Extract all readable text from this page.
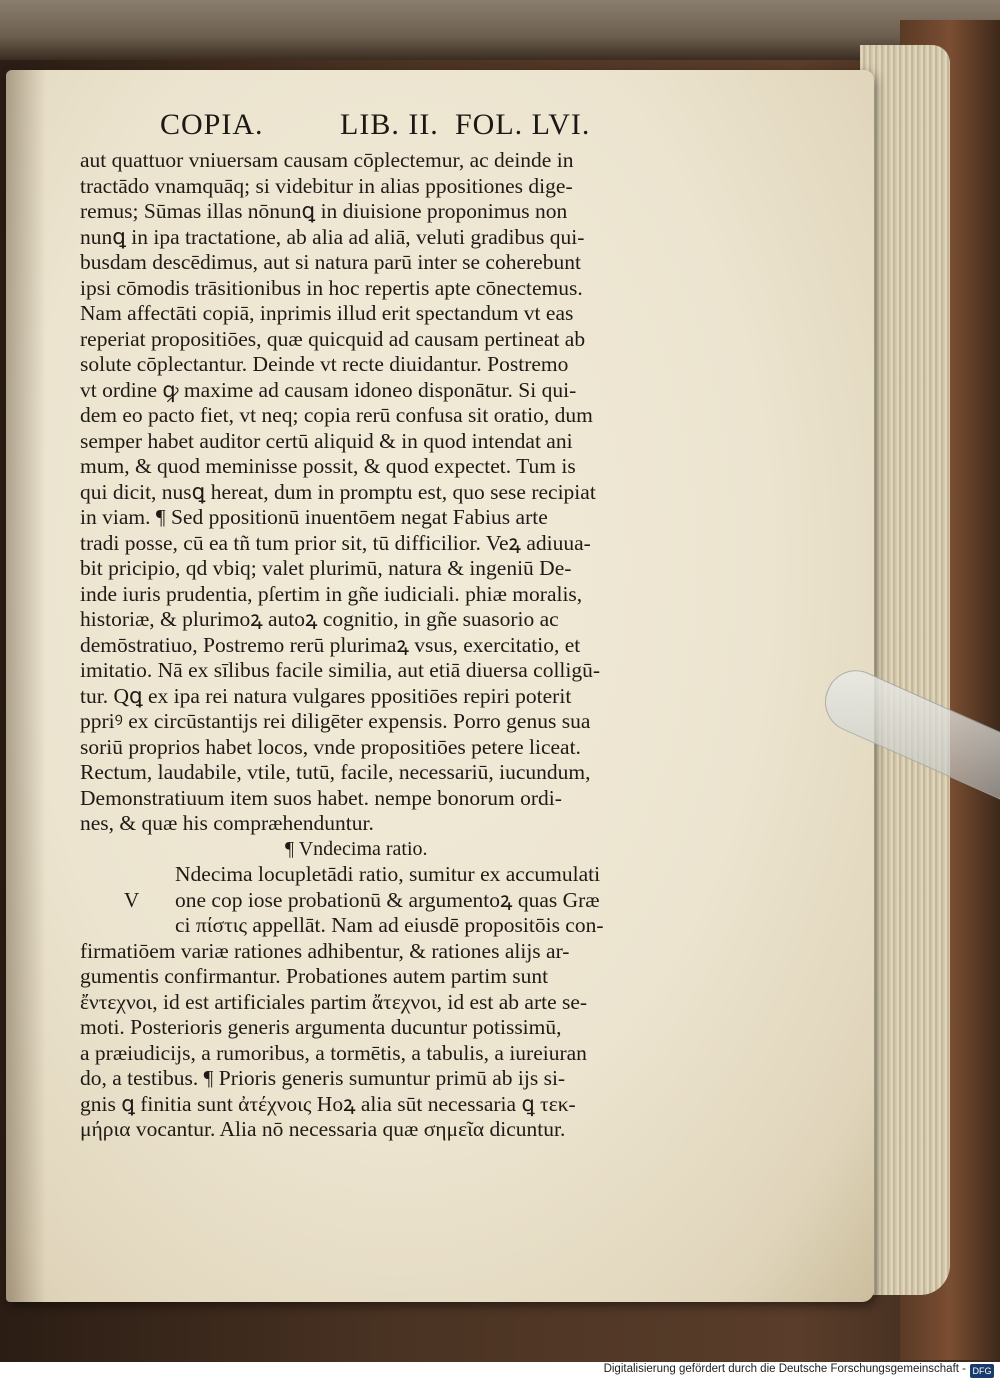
COPIA.	LIB. II. FOL. LVI.
aut quattuor vniuersam causam cōplectemur, ac deinde in
tractādo vnamquāq; si videbitur in alias ppositiones dige-
remus; Sūmas illas nōnunꝗ in diuisione proponimus non
nunꝗ in ipa tractatione, ab alia ad aliā, veluti gradibus qui-
busdam descēdimus, aut si natura parū inter se coherebunt
ipsi cōmodis trāsitionibus in hoc repertis apte cōnectemus.
Nam affectāti copiā, inprimis illud erit spectandum vt eas
reperiat propositiōes, quæ quicquid ad causam pertineat ab
solute cōplectantur. Deinde vt recte diuidantur. Postremo
vt ordine ꝙ maxime ad causam idoneo disponātur. Si qui-
dem eo pacto fiet, vt neq; copia rerū confusa sit oratio, dum
semper habet auditor certū aliquid & in quod intendat ani
mum, & quod meminisse possit, & quod expectet. Tum is
qui dicit, nusꝗ hereat, dum in promptu est, quo sese recipiat
in viam. ¶ Sed ppositionū inuentōem negat Fabius arte
tradi posse, cū ea tñ tum prior sit, tū difficilior. Veꝝ adiuua-
bit pricipio, qd vbiq; valet plurimū, natura & ingeniū De-
inde iuris prudentia, pſertim in gñe iudiciali. phiæ moralis,
historiæ, & plurimoꝝ autoꝝ cognitio, in gñe suasorio ac
demōstratiuo, Postremo rerū plurimaꝝ vsus, exercitatio, et
imitatio. Nā ex sīlibus facile similia, aut etiā diuersa colligū-
tur. Qꝗ ex ipa rei natura vulgares ppositiōes repiri poterit
ppriꝰ ex circūstantijs rei diligēter expensis. Porro genus sua
soriū proprios habet locos, vnde propositiōes petere liceat.
Rectum, laudabile, vtile, tutū, facile, necessariū, iucundum,
Demonstratiuum item suos habet. nempe bonorum ordi-
nes, & quæ his compræhenduntur.
¶ Vndecima ratio.
Ndecima locupletādi ratio, sumitur ex accumulati
V one cop iose probationū & argumentoꝝ quas Græ
ci πίστις appellāt. Nam ad eiusdē propositōis con-
firmatiōem variæ rationes adhibentur, & rationes alijs ar-
gumentis confirmantur. Probationes autem partim sunt
ἔντεχνοι, id est artificiales partim ἄτεχνοι, id est ab arte se-
moti. Posterioris generis argumenta ducuntur potissimū,
a præiudicijs, a rumoribus, a tormētis, a tabulis, a iureiuran
do, a testibus. ¶ Prioris generis sumuntur primū ab ijs si-
gnis ꝗ finitia sunt ἀτέχνοις Hoꝝ alia sūt necessaria ꝗ τεκ-
μήρια vocantur. Alia nō necessaria quæ σημεῖα dicuntur.
Digitalisierung gefördert durch die Deutsche Forschungsgemeinschaft - DFG
